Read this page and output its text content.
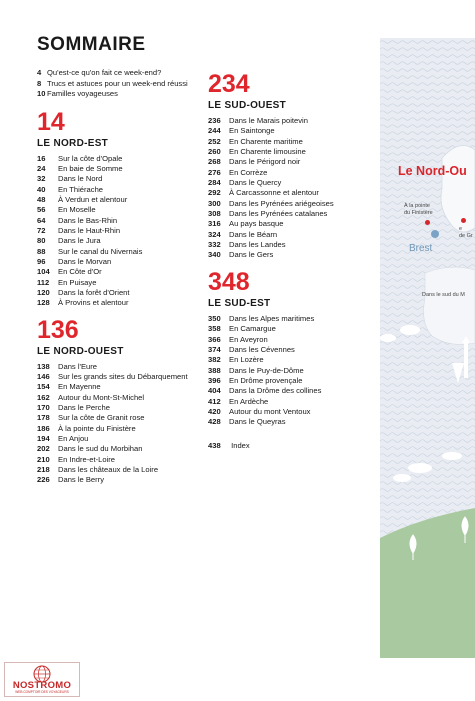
SOMMAIRE
4 Qu'est-ce qu'on fait ce week-end?
8 Trucs et astuces pour un week-end réussi
10 Familles voyageuses
14
LE NORD-EST
16 Sur la côte d'Opale
24 En baie de Somme
32 Dans le Nord
40 En Thiérache
48 À Verdun et alentour
56 En Moselle
64 Dans le Bas-Rhin
72 Dans le Haut-Rhin
80 Dans le Jura
88 Sur le canal du Nivernais
96 Dans le Morvan
104 En Côte d'Or
112 En Puisaye
120 Dans la forêt d'Orient
128 À Provins et alentour
136
LE NORD-OUEST
138 Dans l'Eure
146 Sur les grands sites du Débarquement
154 En Mayenne
162 Autour du Mont-St-Michel
170 Dans le Perche
178 Sur la côte de Granit rose
186 À la pointe du Finistère
194 En Anjou
202 Dans le sud du Morbihan
210 En Indre-et-Loire
218 Dans les châteaux de la Loire
226 Dans le Berry
234
LE SUD-OUEST
236 Dans le Marais poitevin
244 En Saintonge
252 En Charente maritime
260 En Charente limousine
268 Dans le Périgord noir
276 En Corrèze
284 Dans le Quercy
292 À Carcassonne et alentour
300 Dans les Pyrénées ariégeoises
308 Dans les Pyrénées catalanes
316 Au pays basque
324 Dans le Béarn
332 Dans les Landes
340 Dans le Gers
348
LE SUD-EST
350 Dans les Alpes maritimes
358 En Camargue
366 En Aveyron
374 Dans les Cévennes
382 En Lozère
388 Dans le Puy-de-Dôme
396 En Drôme provençale
404 Dans la Drôme des collines
412 En Ardèche
420 Autour du mont Ventoux
428 Dans le Queyras
438 Index
Le Nord-Ou
À la pointe
du Finistère
e
de Gr
Brest
Dans le sud du M
NOSTROMO
WEB COMPTOIR DES VOYAGEURS
